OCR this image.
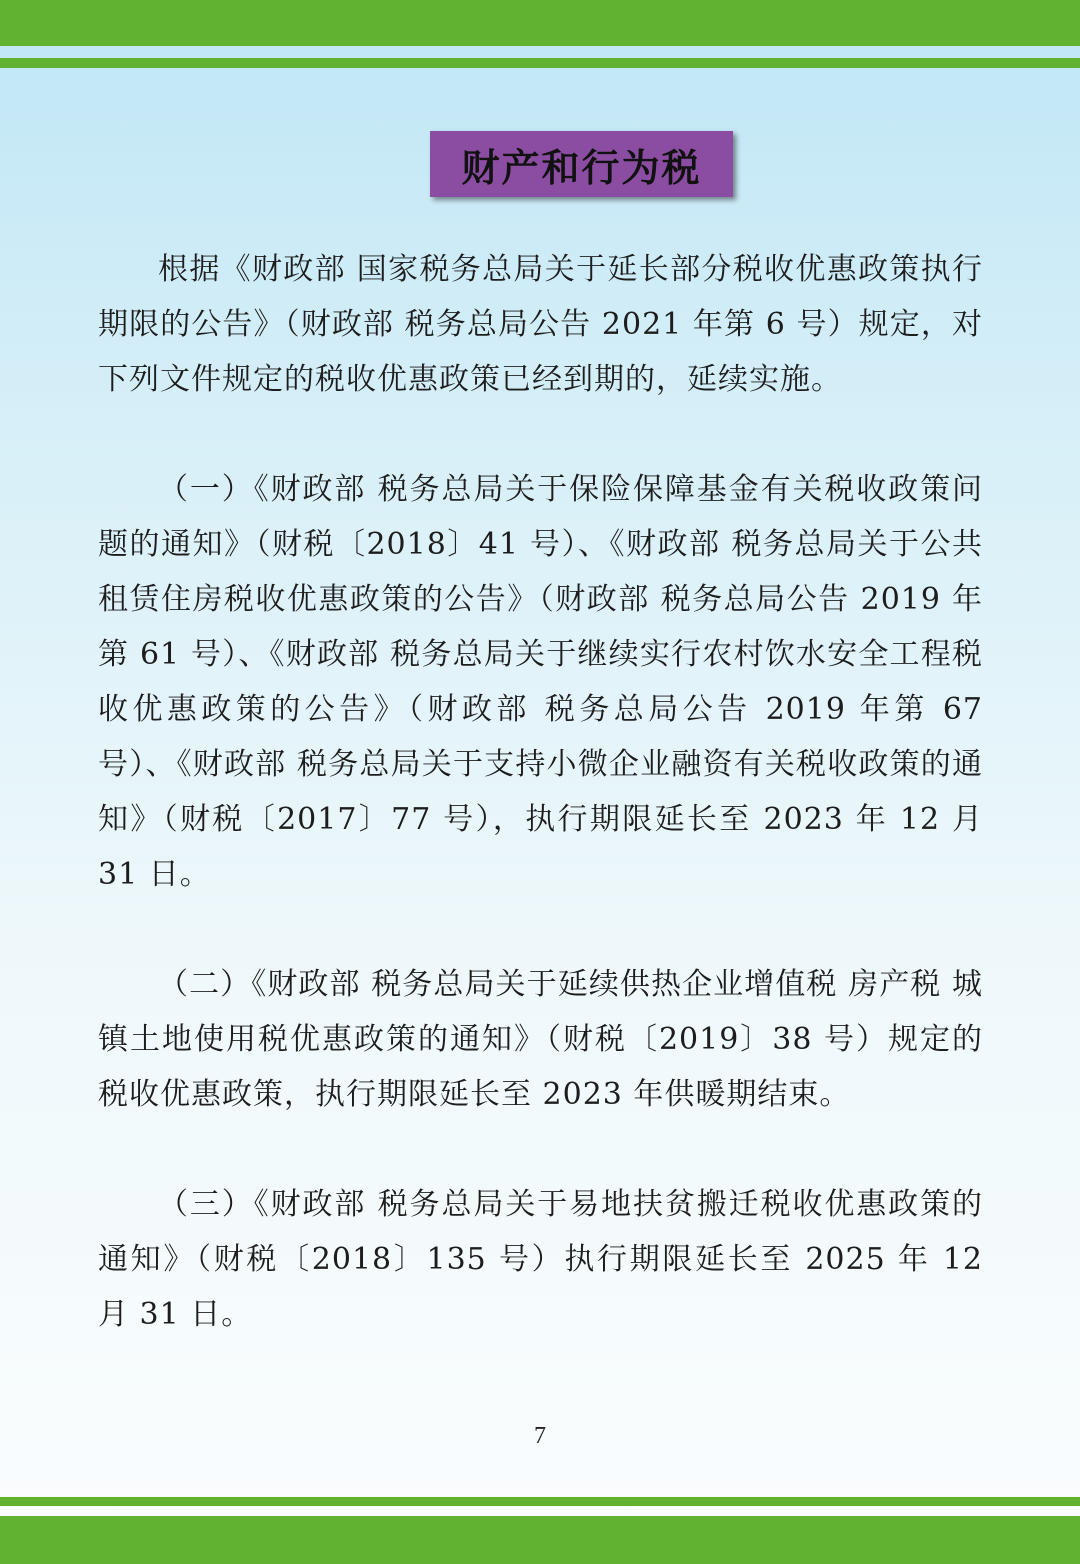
财产和行为税

根据《财政部 国家税务总局关于延长部分税收优惠政策执行期限的公告》（财政部 税务总局公告 2021 年第 6 号）规定，对下列文件规定的税收优惠政策已经到期的，延续实施。

（一）《财政部 税务总局关于保险保障基金有关税收政策问题的通知》（财税〔2018〕41 号）、《财政部 税务总局关于公共租赁住房税收优惠政策的公告》（财政部 税务总局公告 2019 年第 61 号）、《财政部 税务总局关于继续实行农村饮水安全工程税收优惠政策的公告》（财政部 税务总局公告 2019 年第 67 号）、《财政部 税务总局关于支持小微企业融资有关税收政策的通知》（财税〔2017〕77 号），执行期限延长至 2023 年 12 月 31 日。

（二）《财政部 税务总局关于延续供热企业增值税 房产税 城镇土地使用税优惠政策的通知》（财税〔2019〕38 号）规定的税收优惠政策，执行期限延长至 2023 年供暖期结束。

（三）《财政部 税务总局关于易地扶贫搬迁税收优惠政策的通知》（财税〔2018〕135 号）执行期限延长至 2025 年 12 月 31 日。

7
